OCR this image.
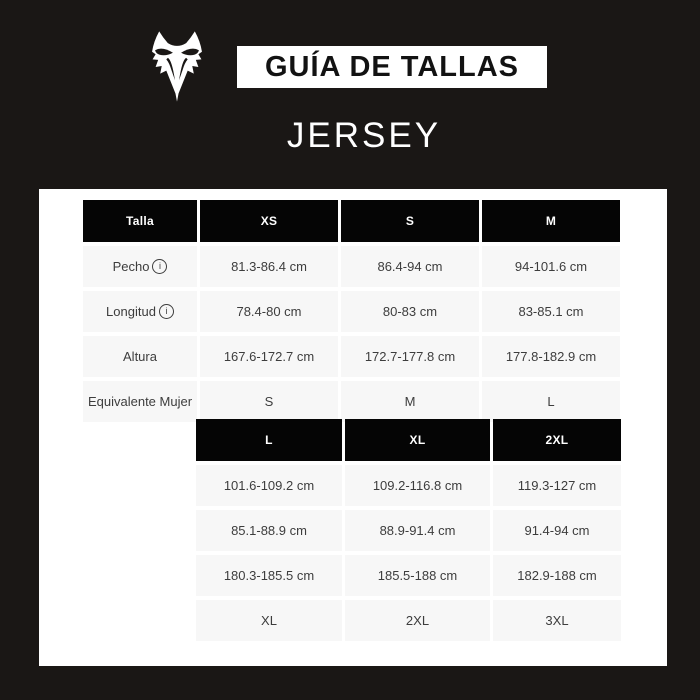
GUÍA DE TALLAS
JERSEY
Talla	XS	S	M
Pecho	i	81.3-86.4 cm	86.4-94 cm	94-101.6 cm
Longitud	i	78.4-80 cm	80-83 cm	83-85.1 cm
Altura	167.6-172.7 cm	172.7-177.8 cm	177.8-182.9 cm
Equivalente Mujer	S	M	L
L	XL	2XL
101.6-109.2 cm	109.2-116.8 cm	119.3-127 cm
85.1-88.9 cm	88.9-91.4 cm	91.4-94 cm
180.3-185.5 cm	185.5-188 cm	182.9-188 cm
XL	2XL	3XL
